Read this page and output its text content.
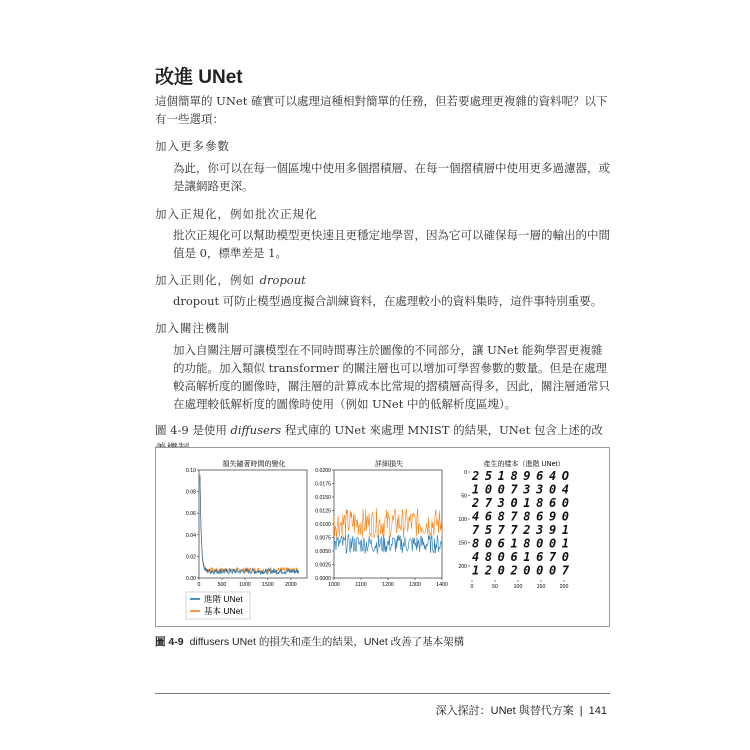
改進 UNet
這個簡單的 UNet 確實可以處理這種相對簡單的任務，但若要處理更複雜的資料呢？以下有一些選項：
加入更多參數
為此，你可以在每一個區塊中使用多個摺積層、在每一個摺積層中使用更多過濾器，或是讓網路更深。
加入正規化，例如批次正規化
批次正規化可以幫助模型更快速且更穩定地學習，因為它可以確保每一層的輸出的中間值是 0，標準差是 1。
加入正則化，例如 dropout
dropout 可防止模型過度擬合訓練資料，在處理較小的資料集時，這件事特別重要。
加入關注機制
加入自關注層可讓模型在不同時間專注於圖像的不同部分，讓 UNet 能夠學習更複雜的功能。加入類似 transformer 的關注層也可以增加可學習參數的數量。但是在處理較高解析度的圖像時，關注層的計算成本比常規的摺積層高得多，因此，關注層通常只在處理較低解析度的圖像時使用（例如 UNet 中的低解析度區塊）。
圖 4-9 是使用 diffusers 程式庫的 UNet 來處理 MNIST 的結果，UNet 包含上述的改
損失隨著時間的變化
0.00
0.02
0.04
0.06
0.08
0.10
0	500 1000 1500 2000
詳細損失
0.0000
0.0025
0.0050
0.0075
0.0100
0.0125
0.0150
0.0175
0.0200
1000	1100	1200	1300	1400
產生的樣本（進階 UNet）
0
50
100
150
200
0	50	100	150	200
2518964O
10073304
27301860
46878690
75772391
80618001
48061670
12020007
進階 UNet
基本 UNet
圖 4-9 diffusers UNet 的損失和產生的結果，UNet 改善了基本架構
深入探討：UNet 與替代方案 | 141
